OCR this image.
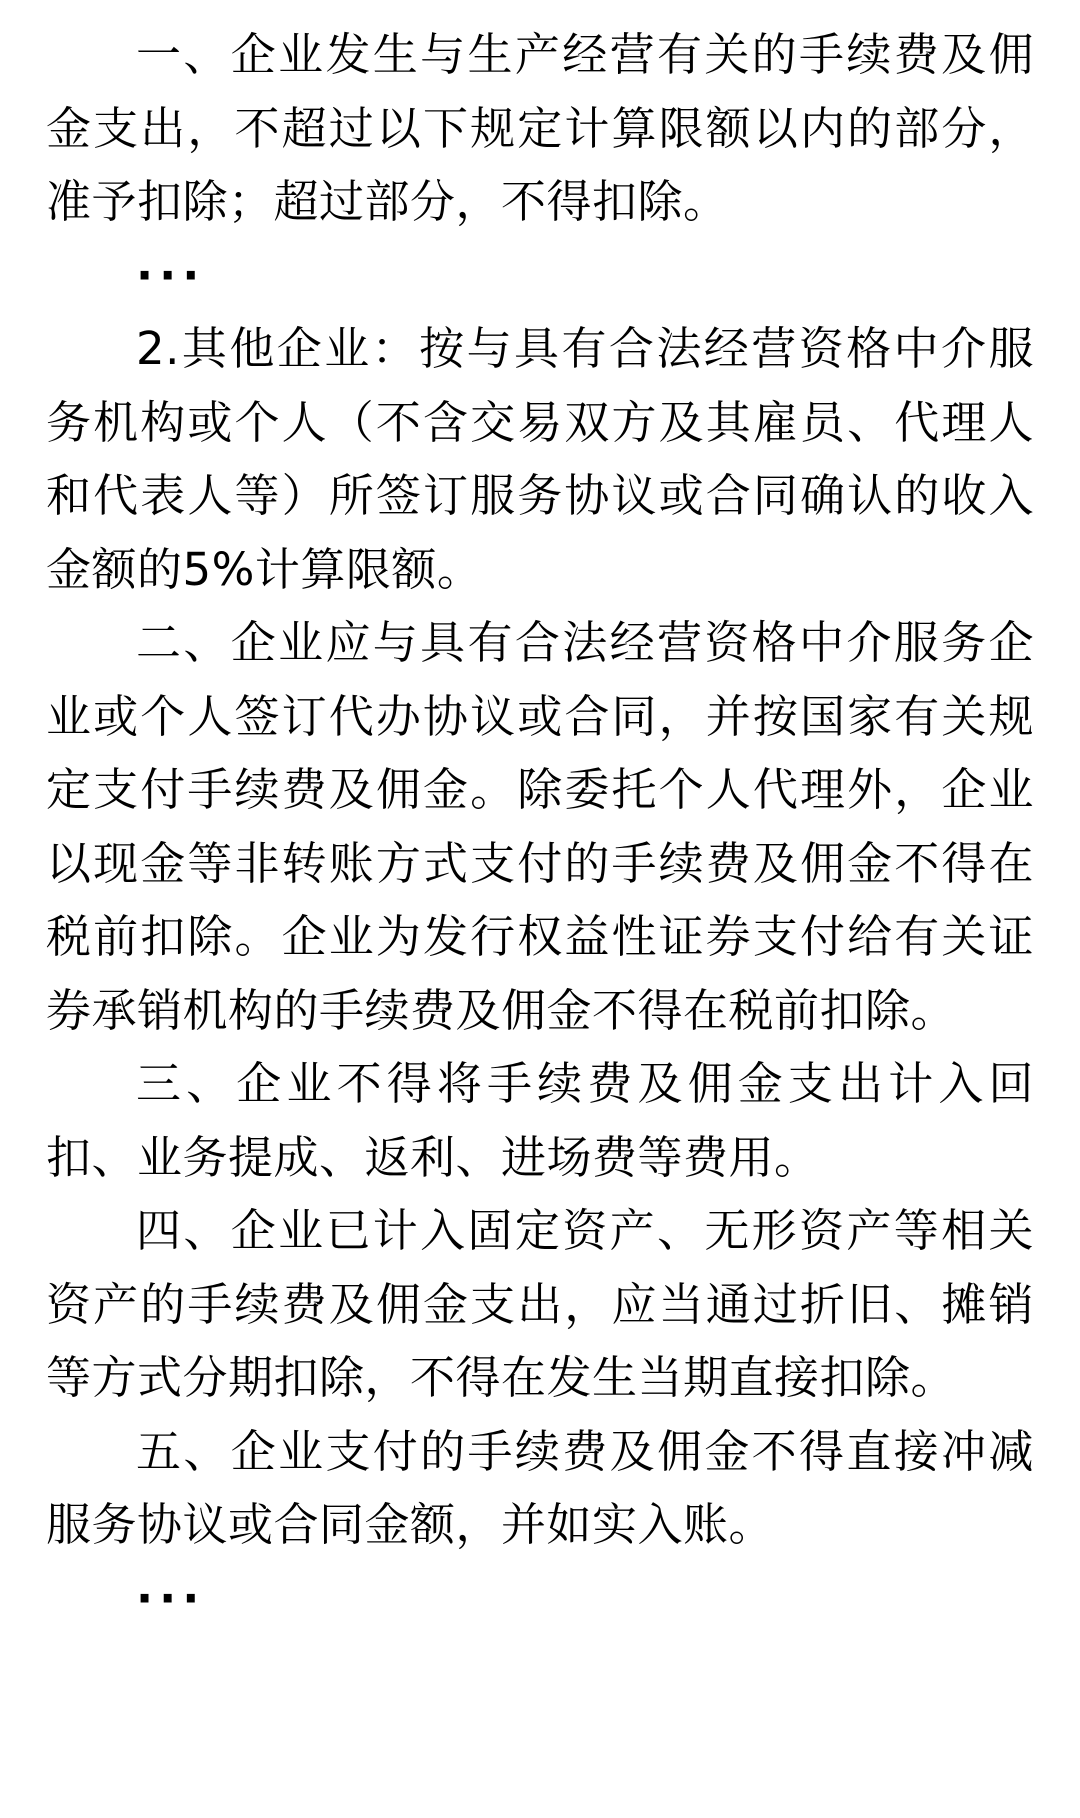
一、企业发生与生产经营有关的手续费及佣金支出，不超过以下规定计算限额以内的部分，准予扣除；超过部分，不得扣除。

···

2.其他企业：按与具有合法经营资格中介服务机构或个人（不含交易双方及其雇员、代理人和代表人等）所签订服务协议或合同确认的收入金额的5%计算限额。

二、企业应与具有合法经营资格中介服务企业或个人签订代办协议或合同，并按国家有关规定支付手续费及佣金。除委托个人代理外，企业以现金等非转账方式支付的手续费及佣金不得在税前扣除。企业为发行权益性证券支付给有关证券承销机构的手续费及佣金不得在税前扣除。

三、企业不得将手续费及佣金支出计入回扣、业务提成、返利、进场费等费用。

四、企业已计入固定资产、无形资产等相关资产的手续费及佣金支出，应当通过折旧、摊销等方式分期扣除，不得在发生当期直接扣除。

五、企业支付的手续费及佣金不得直接冲减服务协议或合同金额，并如实入账。

···
